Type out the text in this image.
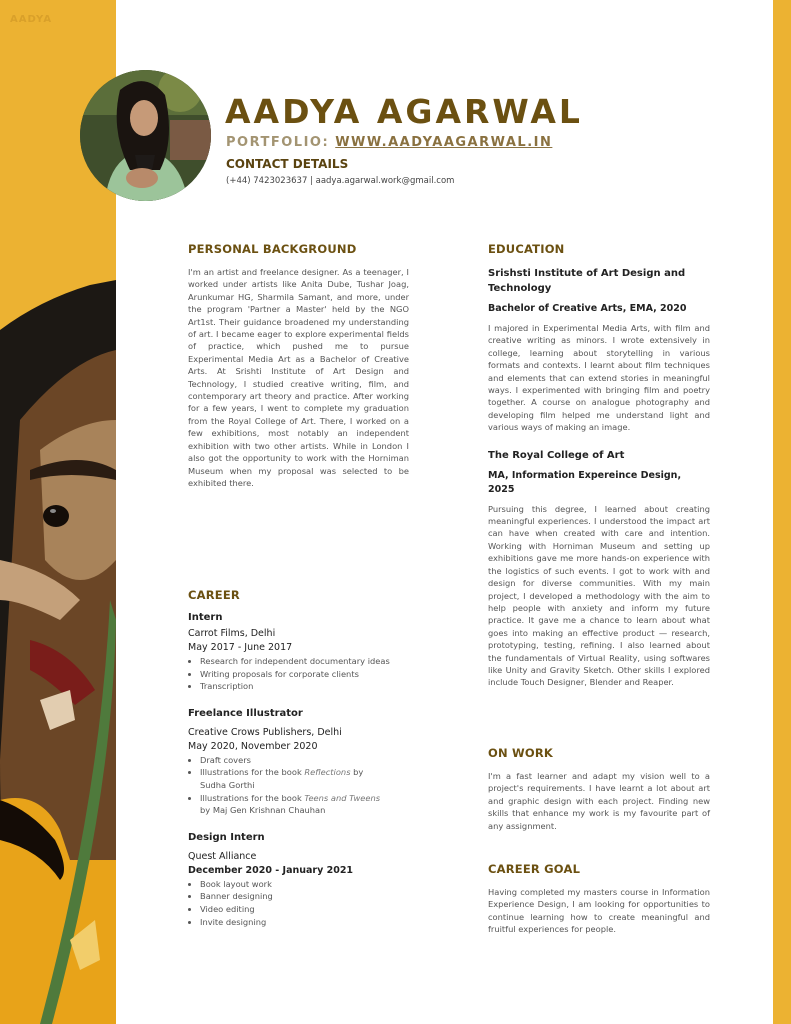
AADYA
AADYA AGARWAL
PORTFOLIO: WWW.AADYAAGARWAL.IN
CONTACT DETAILS
(+44) 7423023637 | aadya.agarwal.work@gmail.com
PERSONAL BACKGROUND

I'm an artist and freelance designer. As a teenager, I worked under artists like Anita Dube, Tushar Joag, Arunkumar HG, Sharmila Samant, and more, under the program 'Partner a Master' held by the NGO Art1st. Their guidance broadened my understanding of art. I became eager to explore experimental fields of practice, which pushed me to pursue Experimental Media Art as a Bachelor of Creative Arts. At Srishti Institute of Art Design and Technology, I studied creative writing, film, and contemporary art theory and practice. After working for a few years, I went to complete my graduation from the Royal College of Art. There, I worked on a few exhibitions, most notably an independent exhibition with two other artists. While in London I also got the opportunity to work with the Horniman Museum when my proposal was selected to be exhibited there.

CAREER

Intern

Carrot Films, Delhi

May 2017 - June 2017

• Research for independent documentary ideas
• Writing proposals for corporate clients
• Transcription

Freelance Illustrator

Creative Crows Publishers, Delhi

May 2020, November 2020

• Draft covers
• Illustrations for the book Reflections by Sudha Gorthi
• Illustrations for the book Teens and Tweens by Maj Gen Krishnan Chauhan

Design Intern

Quest Alliance

December 2020 - January 2021

• Book layout work
• Banner designing
• Video editing
• Invite designing
EDUCATION

Srishsti Institute of Art Design and Technology

Bachelor of Creative Arts, EMA, 2020

I majored in Experimental Media Arts, with film and creative writing as minors. I wrote extensively in college, learning about storytelling in various formats and contexts. I learnt about film techniques and elements that can extend stories in meaningful ways. I experimented with bringing film and poetry together. A course on analogue photography and developing film helped me understand light and various ways of making an image.

The Royal College of Art

MA, Information Expereince Design, 2025

Pursuing this degree, I learned about creating meaningful experiences. I understood the impact art can have when created with care and intention. Working with Horniman Museum and setting up exhibitions gave me more hands-on experience with the logistics of such events. I got to work with and design for diverse communities. With my main project, I developed a methodology with the aim to help people with anxiety and inform my future practice. It gave me a chance to learn about what goes into making an effective product — research, prototyping, testing, refining. I also learned about the fundamentals of Virtual Reality, using softwares like Unity and Gravity Sketch. Other skills I explored include Touch Designer, Blender and Reaper.

ON WORK

I'm a fast learner and adapt my vision well to a project's requirements. I have learnt a lot about art and graphic design with each project. Finding new skills that enhance my work is my favourite part of any assignment.

CAREER GOAL

Having completed my masters course in Information Experience Design, I am looking for opportunities to continue learning how to create meaningful and fruitful experiences for people.
